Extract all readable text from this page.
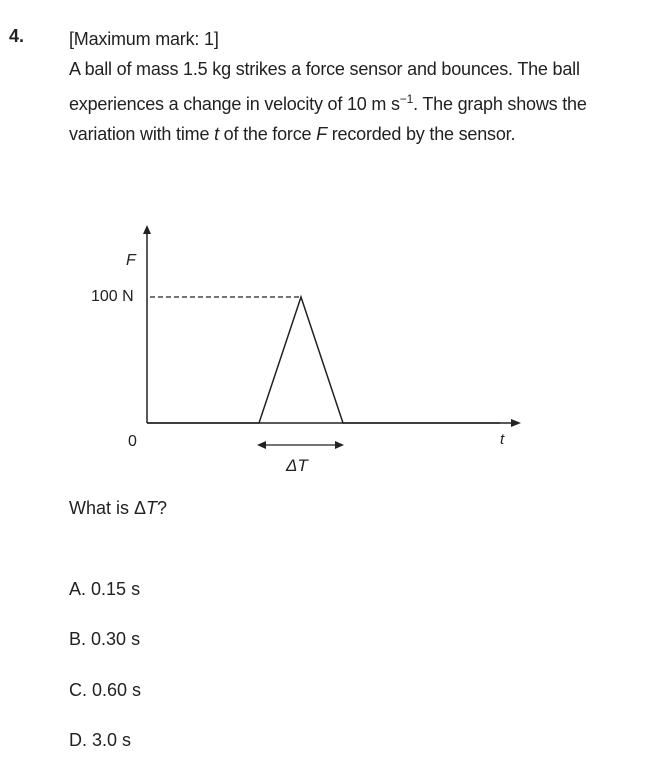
4. [Maximum mark: 1]

A ball of mass 1.5 kg strikes a force sensor and bounces. The ball

experiences a change in velocity of 10 m $s^{-1}$. The graph shows the

variation with time t of the force F recorded by the sensor.

F
100 N
0	t
ΔT
What is ΔT?
A. 0.15 s
B. 0.30 s
C. 0.60 s
D. 3.0 s
